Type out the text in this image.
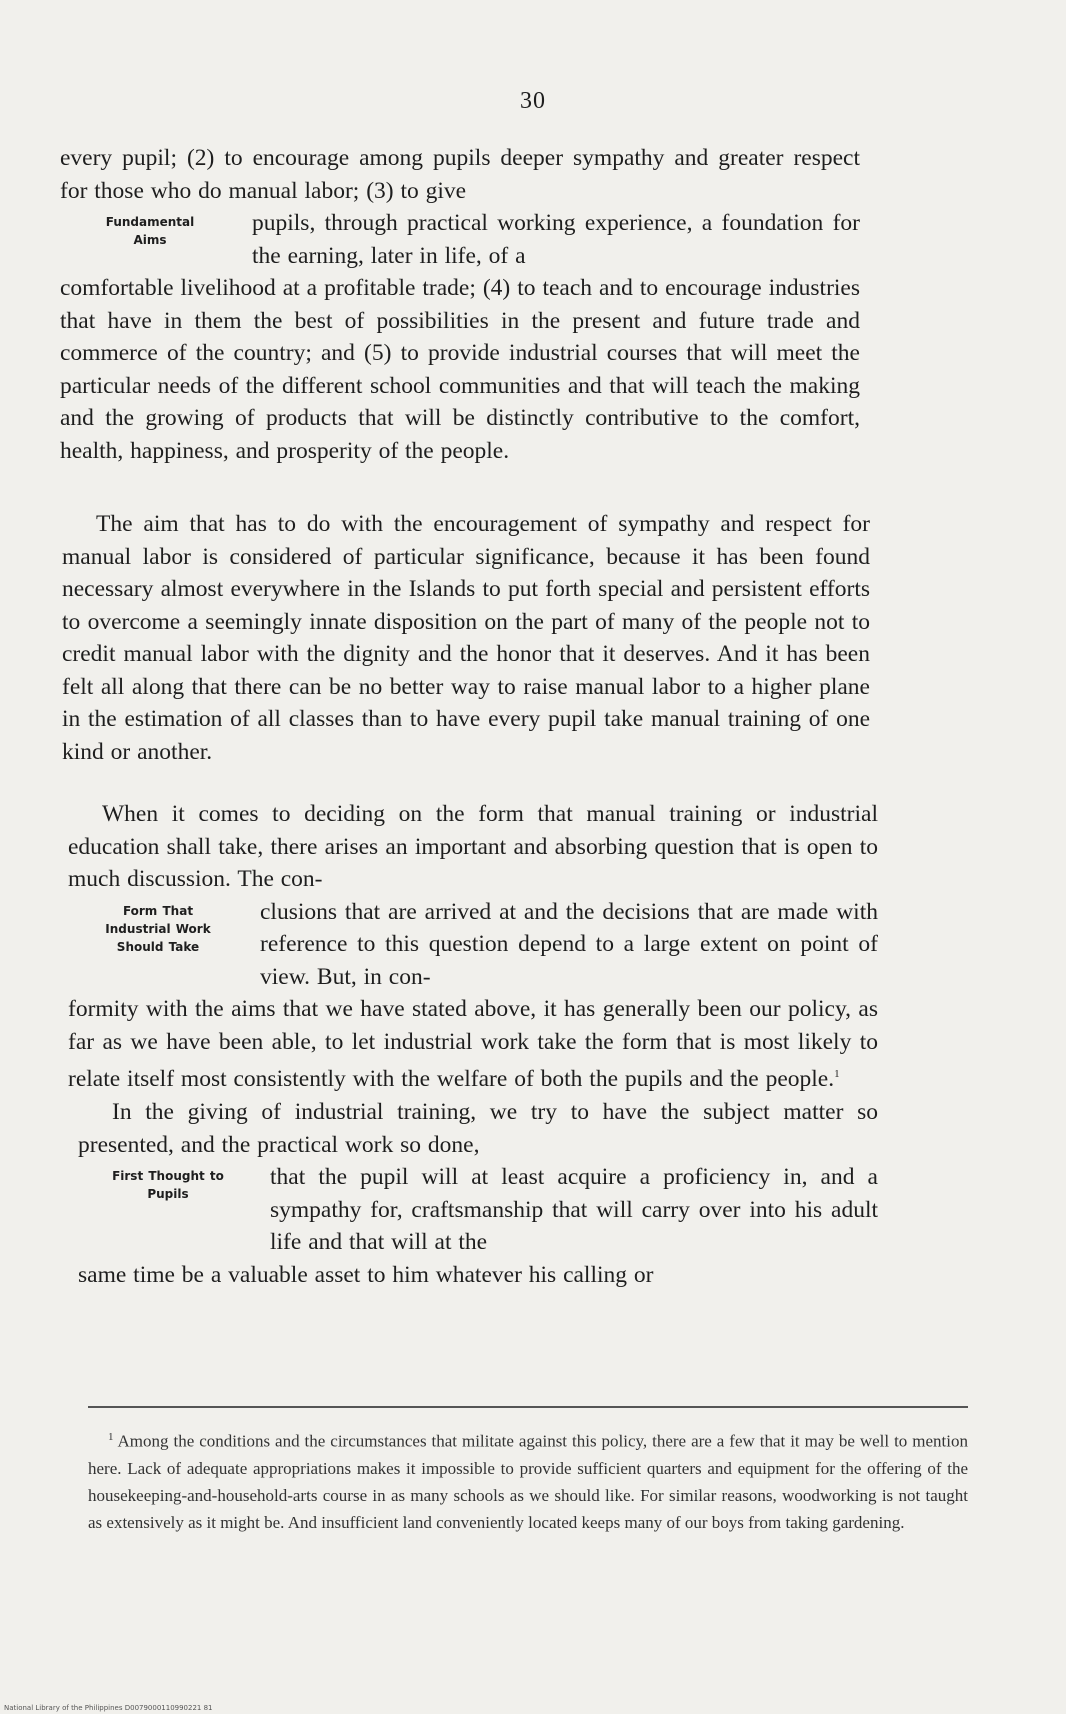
30

every pupil; (2) to encourage among pupils deeper sympathy and greater respect for those who do manual labor; (3) to give

Fundamental
Aims

pupils, through practical working experience, a foundation for the earning, later in life, of a

comfortable livelihood at a profitable trade; (4) to teach and to encourage industries that have in them the best of possibilities in the present and future trade and commerce of the country; and (5) to provide industrial courses that will meet the particular needs of the different school communities and that will teach the making and the growing of products that will be distinctly contributive to the comfort, health, happiness, and prosperity of the people.

The aim that has to do with the encouragement of sympathy and respect for manual labor is considered of particular significance, because it has been found necessary almost everywhere in the Islands to put forth special and persistent efforts to overcome a seemingly innate disposition on the part of many of the people not to credit manual labor with the dignity and the honor that it deserves. And it has been felt all along that there can be no better way to raise manual labor to a higher plane in the estimation of all classes than to have every pupil take manual training of one kind or another.

When it comes to deciding on the form that manual training or industrial education shall take, there arises an important and absorbing question that is open to much discussion. The con-

Form That
Industrial Work
Should Take

clusions that are arrived at and the decisions that are made with reference to this question depend to a large extent on point of view. But, in con-

formity with the aims that we have stated above, it has generally been our policy, as far as we have been able, to let industrial work take the form that is most likely to relate itself most consistently with the welfare of both the pupils and the people.$^1$

In the giving of industrial training, we try to have the subject matter so presented, and the practical work so done,

First Thought to
Pupils

that the pupil will at least acquire a proficiency in, and a sympathy for, craftsmanship that will carry over into his adult life and that will at the

same time be a valuable asset to him whatever his calling or

$^1$ Among the conditions and the circumstances that militate against this policy, there are a few that it may be well to mention here. Lack of adequate appropriations makes it impossible to provide sufficient quarters and equipment for the offering of the housekeeping-and-household-arts course in as many schools as we should like. For similar reasons, woodworking is not taught as extensively as it might be. And insufficient land conveniently located keeps many of our boys from taking gardening.

National Library of the Philippines D0079000110990221 81
